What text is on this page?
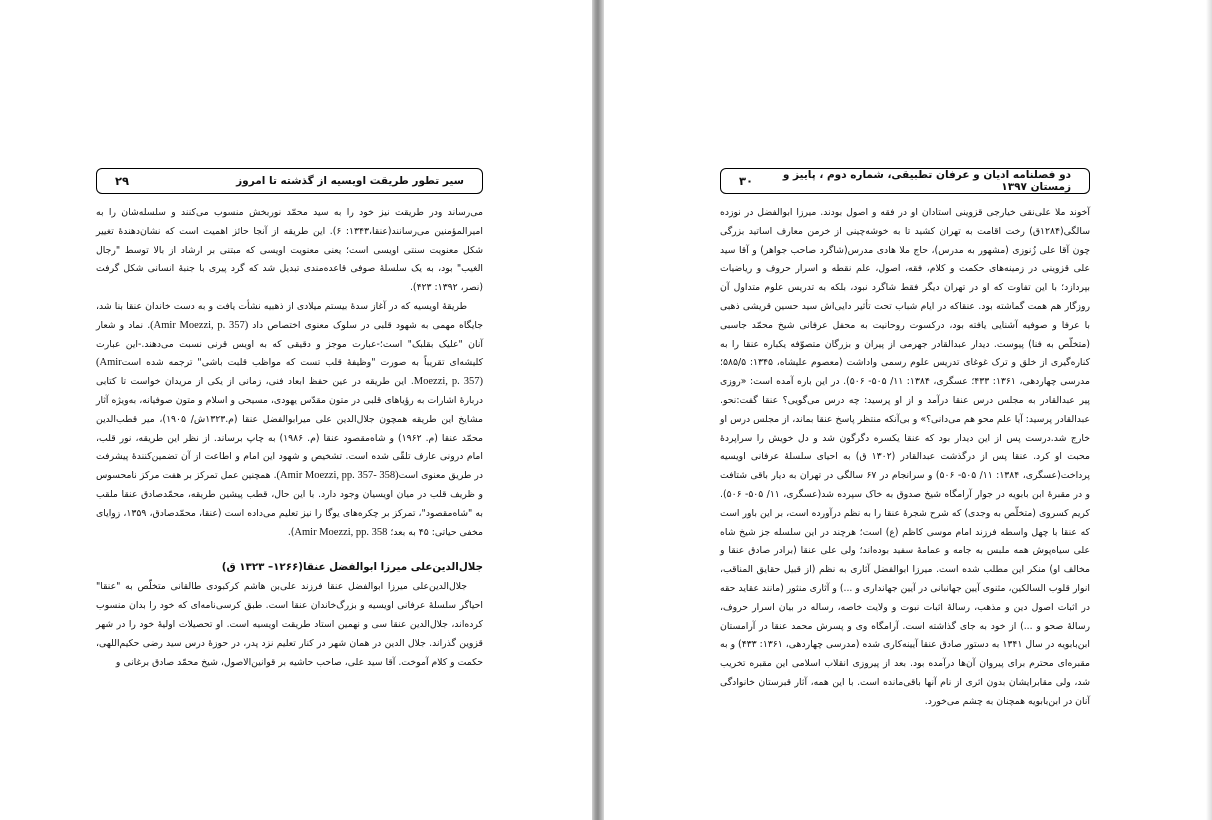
سیر تطور طریقت اویسیه از گذشته تا امروز
۲۹

می‌رساند ودر طریقت نیز خود را به سید محمّد نوربخش منسوب می‌کنند و سلسله‌شان را به امیرالمؤمنین می‌رسانند(عنقا،۱۳۴۳: ۶). این طریقه از آنجا حائز اهمیت است که نشان‌دهندۀ تغییر شکل معنویت سنتی اویسی است؛ یعنی معنویت اویسی که مبتنی بر ارشاد از بالا توسط "رجال الغیب" بود، به یک سلسلۀ صوفی قاعده‌مندی تبدیل شد که گرد پیری با جنبۀ انسانی شکل گرفت (نصر، ۱۳۹۲: ۴۲۳).

طریقۀ اویسیه که در آغاز سدۀ بیستم میلادی از ذهبیه نشأت یافت و به دست خاندان عنقا بنا شد، جایگاه مهمی به شهود قلبی در سلوک معنوی اختصاص داد (Amir Moezzi, p. 357). نماد و شعار آنان "علیک بقلبک" است؛-عبارت موجز و دقیقی که به اویس قرنی نسبت می‌دهند.-این عبارت کلیشه‌ای تقریباً به صورت "وظیفۀ قلب تست که مواظب قلبت باشی" ترجمه شده است(Amir Moezzi, p. 357). این طریقه در عین حفظ ابعاد فنی، زمانی از یکی از مریدان خواست تا کتابی دربارۀ اشارات به رؤیاهای قلبی در متون مقدّس یهودی، مسیحی و اسلام و متون صوفیانه، به‌ویژه آثار مشایخ این طریقه همچون جلال‌الدین علی میرابوالفضل عنقا (م.۱۳۲۳ش/ ۱۹۰۵)، میر قطب‌الدین محمّد عنقا (م. ۱۹۶۲) و شاه‌مقصود عنقا (م. ۱۹۸۶) به چاپ برساند. از نظر این طریقه، نور قلب، امام درونی عارف تلقّی شده است. تشخیص و شهود این امام و اطاعت از آن تضمین‌کنندۀ پیشرفت در طریق معنوی است(Amir Moezzi, pp. 357- 358). همچنین عمل تمرکز بر هفت مرکز نامحسوس و ظریف قلب در میان اویسیان وجود دارد. با این حال، قطب پیشین طریقه، محمّدصادق عنقا ملقب به "شاه‌مقصود"، تمرکز بر چکره‌های یوگا را نیز تعلیم می‌داده است (عنقا، محمّدصادق، ۱۳۵۹، زوایای مخفی حیاتی: ۴۵ به بعد؛ Amir Moezzi, pp. 358).

جلال‌الدین‌علی میرزا ابوالفضل عنقا(۱۲۶۶– ۱۳۲۳ ق)

جلال‌الدین‌علی میرزا ابوالفضل عنقا فرزند علی‌بن هاشم کرکبودی طالقانی متخلّص به "عنقا" احیاگر سلسلۀ عرفانی اویسیه و بزرگ‌خاندان عنقا است. طبق کرسی‌نامه‌ای که خود را بدان منسوب کرده‌اند، جلال‌الدین عنقا سی و نهمین استاد طریقت اویسیه است. او تحصیلات اولیۀ خود را در شهر قزوین گذراند. جلال الدین در همان شهر در کنار تعلیم نزد پدر، در حوزۀ درس سید رضی حکیم‌اللهی، حکمت و کلام آموخت. آقا سید علی، صاحب حاشیه بر قوانین‌الاصول، شیخ محمّد صادق برغانی و

دو فصلنامه ادیان و عرفان تطبیقی، شماره دوم ، پاییز و زمستان ۱۳۹۷
۳۰

آخوند ملا علی‌نقی خیارجی قزوینی استادان او در فقه و اصول بودند. میرزا ابوالفضل در نوزده سالگی(۱۲۸۴ق) رخت اقامت به تهران کشید تا به خوشه‌چینی از خرمن معارف اساتید بزرگی چون آقا علی زُنوزی (مشهور به مدرس)، حاج ملا هادی مدرس(شاگرد صاحب جواهر) و آقا سید علی قزوینی در زمینه‌های حکمت و کلام، فقه، اصول، علم نقطه و اسرار حروف و ریاضیات بپردازد؛ با این تفاوت که او در تهران دیگر فقط شاگرد نبود، بلکه به تدریس علوم متداول آن روزگار هم همت گماشته بود. عنقاکه در ایام شباب تحت تأثیر دایی‌اش سید حسین قریشی ذهبی با عرفا و صوفیه آشنایی یافته بود، درکسوت روحانیت به محفل عرفانی شیخ محمّد جاسبی (متخلّص به فنا) پیوست. دیدار عبدالقادر جهرمی از پیران و بزرگان متصوّفه یکباره عنقا را به کناره‌گیری از خلق و ترک غوغای تدریس علوم رسمی واداشت (معصوم علیشاه، ۱۳۴۵: ۵۸۵/۵؛ مدرسی چهاردهی، ۱۳۶۱: ۴۳۳؛ عسگری، ۱۳۸۴: ۱۱/ ۵۰۵- ۵۰۶). در این باره آمده است: «روزی پیر عبدالقادر به مجلس درس عنقا درآمد و از او پرسید: چه درس می‌گویی؟ عنقا گفت:نحو. عبدالقادر پرسید: آیا علم محو هم می‌دانی؟» و بی‌آنکه منتظر پاسخ عنقا بماند، از مجلس درس او خارج شد.درست پس از این دیدار بود که عنقا یکسره دگرگون شد و دل خویش را سراپردۀ محبت او کرد. عنقا پس از درگذشت عبدالقادر (۱۳۰۲ ق) به احیای سلسلۀ عرفانی اویسیه پرداخت(عسگری، ۱۳۸۴: ۱۱/ ۵۰۵- ۵۰۶) و سرانجام در ۶۷ سالگی در تهران به دیار باقی شتافت و در مقبرۀ ابن بابویه در جوار آرامگاه شیخ صدوق به خاک سپرده شد(عسگری، ۱۱/ ۵۰۵- ۵۰۶). کریم کسروی (متخلّص به وجدی) که شرح شجرۀ عنقا را به نظم درآورده است، بر این باور است که عنقا با چهل واسطه فرزند امام موسی کاظم (ع) است؛ هرچند در این سلسله جز شیخ شاه علی سیاه‌پوش همه ملبس به جامه و عمامۀ سفید بوده‌اند؛ ولی علی عنقا (برادر صادق عنقا و مخالف او) منکر این مطلب شده است. میرزا ابوالفضل آثاری به نظم (از قبیل حقایق المناقب، انوار قلوب السالکین، مثنوی آیین جهانبانی در آیین جهانداری و ...) و آثاری منثور (مانند عقاید حقه در اثبات اصول دین و مذهب، رسالۀ اثبات نبوت و ولایت خاصه، رساله در بیان اسرار حروف، رسالۀ صحو و ...) از خود به جای گذاشته است. آرامگاه وی و پسرش محمد عنقا در آرامستان ابن‌بابویه در سال ۱۳۴۱ به دستور صادق عنقا آیینه‌کاری شده (مدرسی چهاردهی، ۱۳۶۱: ۴۳۳) و به مقبره‌ای محترم برای پیروان آن‌ها درآمده بود. بعد از پیروزی انقلاب اسلامی این مقبره تخریب شد، ولی مقابرایشان بدون اثری از نام آنها باقی‌مانده است. با این همه، آثار قبرستان خانوادگی آنان در ابن‌بابویه همچنان به چشم می‌خورد.
